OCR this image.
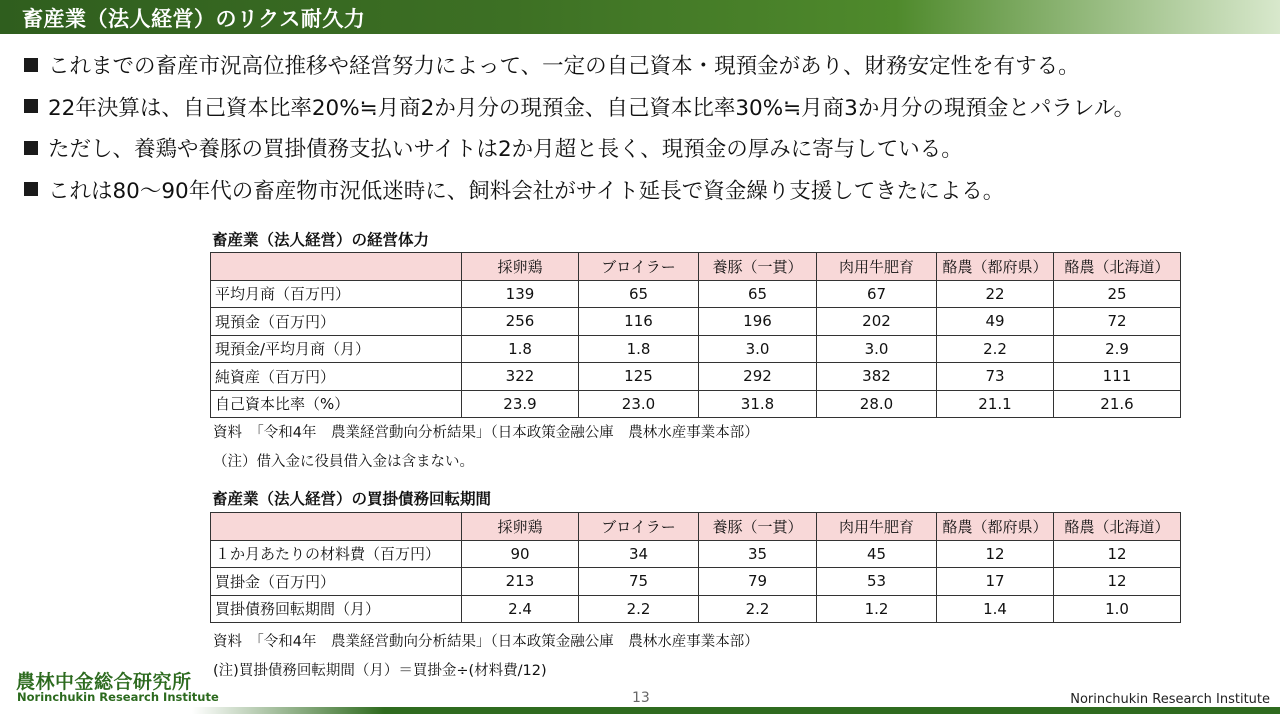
畜産業（法人経営）のリクス耐久力
これまでの畜産市況高位推移や経営努力によって、一定の自己資本・現預金があり、財務安定性を有する。
22年決算は、自己資本比率20%≒月商2か月分の現預金、自己資本比率30%≒月商3か月分の現預金とパラレル。
ただし、養鶏や養豚の買掛債務支払いサイトは2か月超と長く、現預金の厚みに寄与している。
これは80～90年代の畜産物市況低迷時に、飼料会社がサイト延長で資金繰り支援してきたによる。
畜産業（法人経営）の経営体力
	採卵鶏	ブロイラー	養豚（一貫）	肉用牛肥育	酪農（都府県）	酪農（北海道）
平均月商（百万円）	139	65	65	67	22	25
現預金（百万円）	256	116	196	202	49	72
現預金/平均月商（月）	1.8	1.8	3.0	3.0	2.2	2.9
純資産（百万円）	322	125	292	382	73	111
自己資本比率（%）	23.9	23.0	31.8	28.0	21.1	21.6
資料　「令和4年　農業経営動向分析結果」（日本政策金融公庫　農林水産事業本部）
（注）借入金に役員借入金は含まない。
畜産業（法人経営）の買掛債務回転期間
	採卵鶏	ブロイラー	養豚（一貫）	肉用牛肥育	酪農（都府県）	酪農（北海道）
１か月あたりの材料費（百万円）	90	34	35	45	12	12
買掛金（百万円）	213	75	79	53	17	12
買掛債務回転期間（月）	2.4	2.2	2.2	1.2	1.4	1.0
資料　「令和4年　農業経営動向分析結果」（日本政策金融公庫　農林水産事業本部）
(注)買掛債務回転期間（月）＝買掛金÷(材料費/12)
農林中金総合研究所
Norinchukin Research Institute	13	Norinchukin Research Institute
